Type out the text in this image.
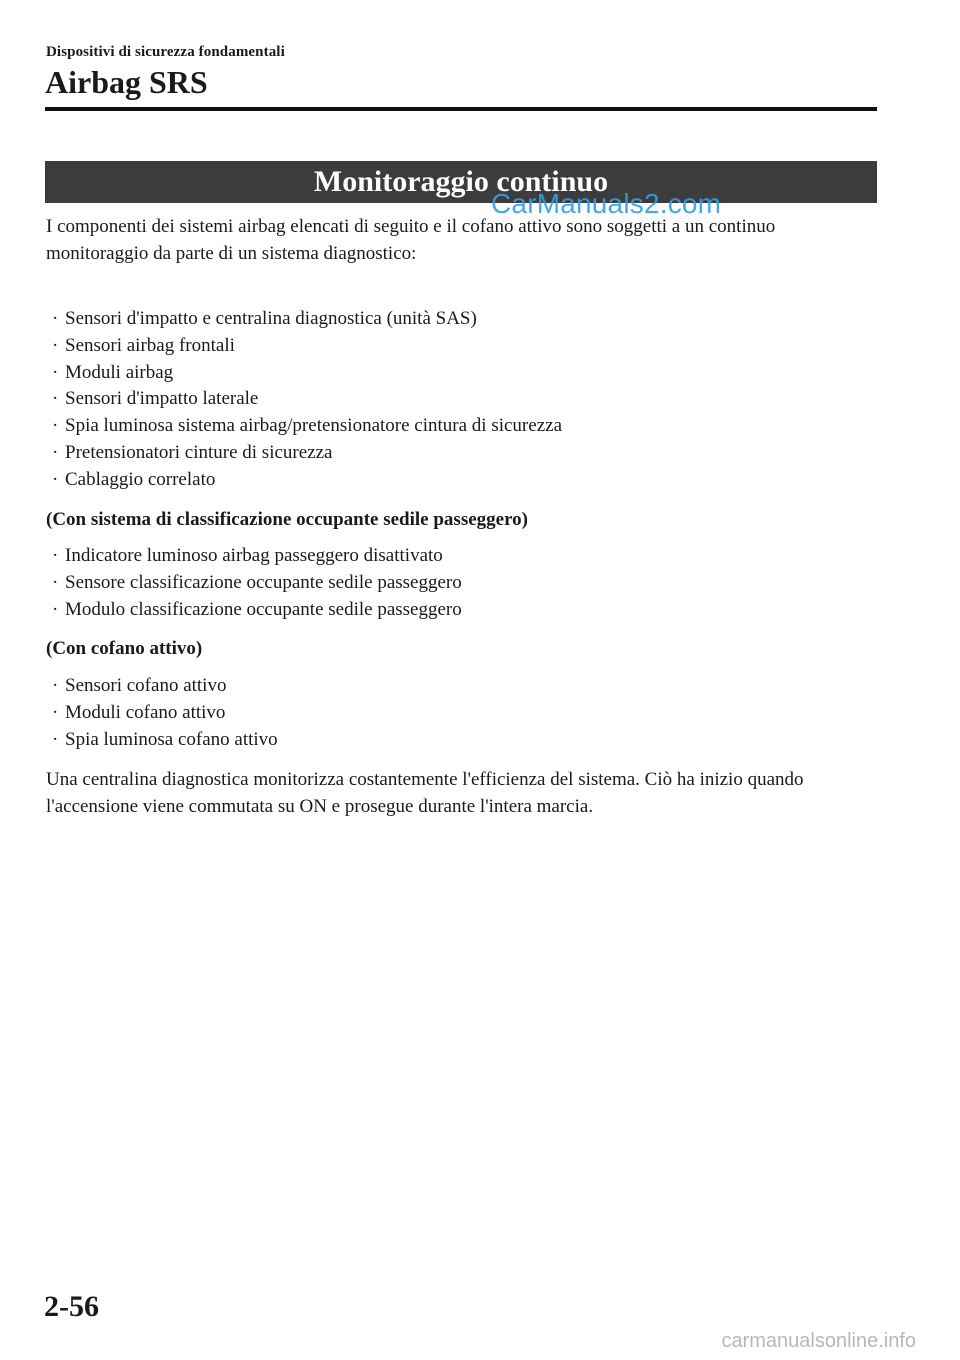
Dispositivi di sicurezza fondamentali
Airbag SRS
Monitoraggio continuo
CarManuals2.com

I componenti dei sistemi airbag elencati di seguito e il cofano attivo sono soggetti a un continuo monitoraggio da parte di un sistema diagnostico:

· Sensori d'impatto e centralina diagnostica (unità SAS)
· Sensori airbag frontali
· Moduli airbag
· Sensori d'impatto laterale
· Spia luminosa sistema airbag/pretensionatore cintura di sicurezza
· Pretensionatori cinture di sicurezza
· Cablaggio correlato

(Con sistema di classificazione occupante sedile passeggero)

· Indicatore luminoso airbag passeggero disattivato
· Sensore classificazione occupante sedile passeggero
· Modulo classificazione occupante sedile passeggero

(Con cofano attivo)

· Sensori cofano attivo
· Moduli cofano attivo
· Spia luminosa cofano attivo

Una centralina diagnostica monitorizza costantemente l'efficienza del sistema. Ciò ha inizio quando l'accensione viene commutata su ON e prosegue durante l'intera marcia.

2-56
carmanualsonline.info
